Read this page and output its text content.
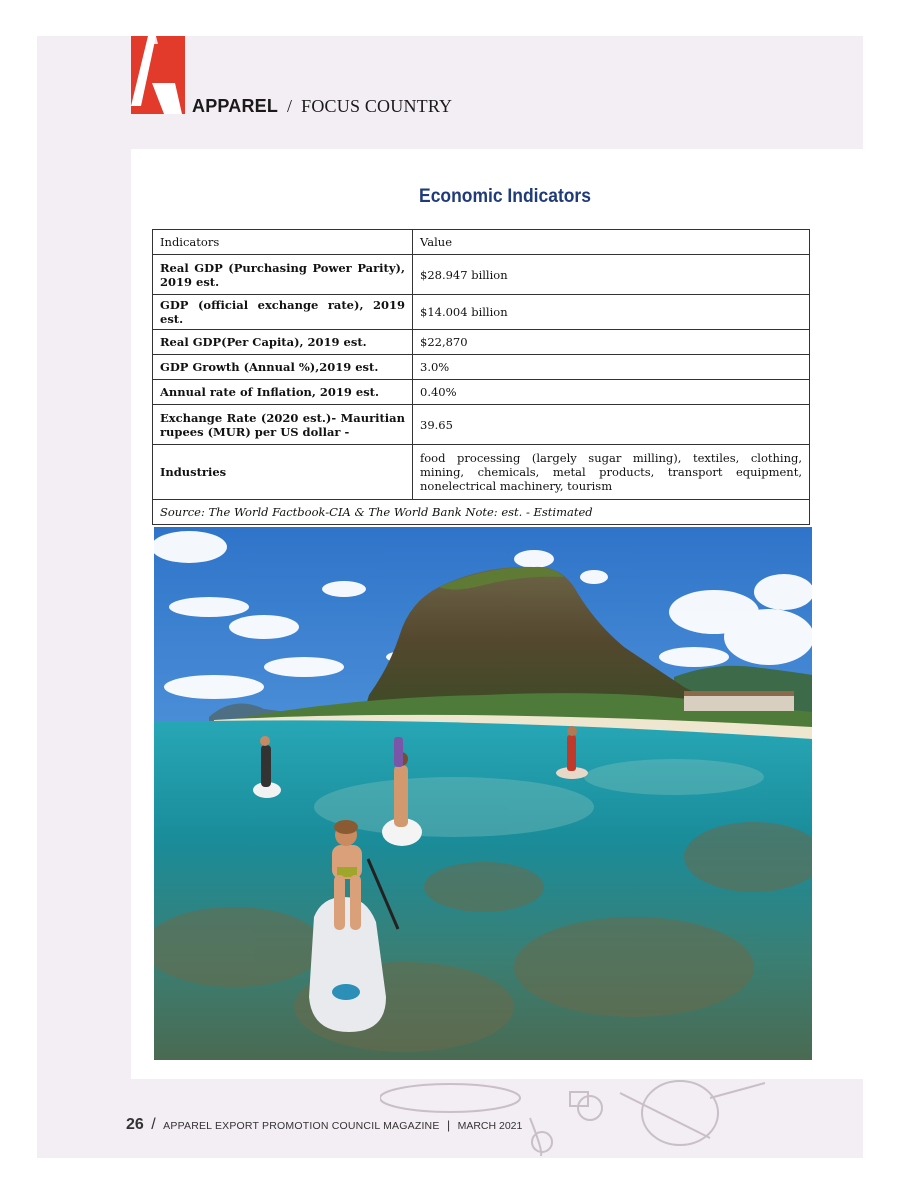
APPAREL / FOCUS COUNTRY
Economic Indicators
Indicators	Value
Real GDP (Purchasing Power Parity), 2019 est.	$28.947 billion
GDP (official exchange rate), 2019 est.	$14.004 billion
Real GDP(Per Capita), 2019 est.	$22,870
GDP Growth (Annual %),2019 est.	3.0%
Annual rate of Inflation, 2019 est.	0.40%
Exchange Rate (2020 est.)- Mauritian rupees (MUR) per US dollar -	39.65
Industries	food processing (largely sugar milling), textiles, clothing, mining, chemicals, metal products, transport equipment, nonelectrical machinery, tourism
Source: The World Factbook-CIA & The World Bank Note: est. - Estimated	
26 / APPAREL EXPORT PROMOTION COUNCIL MAGAZINE | MARCH 2021
